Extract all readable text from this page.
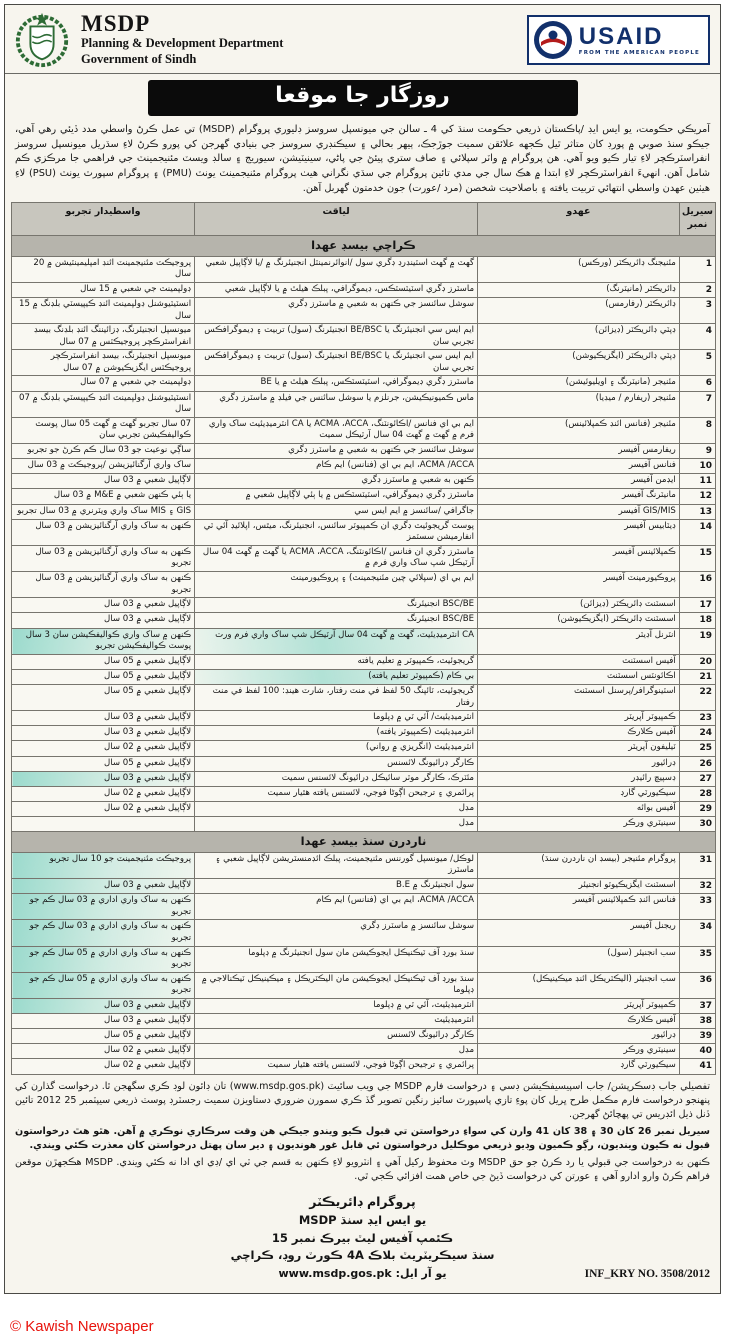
MSDP
Planning & Development Department
Government of Sindh
USAID
FROM THE AMERICAN PEOPLE
روزگار جا موقعا

آمريڪي حڪومت، يو ايس ايڊ /پاڪستان ذريعي حڪومت سنڌ کي 4 ـ سالن جي ميونسپل سروسز ڊليوري پروگرام (MSDP) تي عمل ڪرڻ واسطي مدد ڏيئي رهي آهي، جيڪو سنڌ صوبي ۾ پورڊ کان متاثر ٿيل ڪجهه علائقن سميت جوڙجڪ، ٻيهر بحالي ۽ سيڪنڊري سروسز جي بنيادي گهرجن کي پورو ڪرڻ لاءِ سڌريل ميونسپل سروسز انفراسٽرڪچر لاءِ تيار ڪيو ويو آهي. هن پروگرام ۾ واٽر سپلائي ۽ صاف ستري پيئڻ جي پاڻي، سينيٽيشن، سيوريج ۽ سالڊ ويسٽ مئنيجمينٽ جي فراهمي جا مرڪزي ڪم شامل آهن. انهيءَ انفراسٽرڪچر لاءِ ابتدا ۾ هڪ سال جي مدي تائين پروگرام جي سڌي نگراني هيٺ پروگرام مئنيجمينٽ يونٽ (PMU) ۽ پروگرام سپورٽ يونٽ (PSU) لاءِ هيٺين عهدن واسطي انتهائي تربيت يافته ۽ باصلاحيت شخصن (مرد /عورت) جون خدمتون گهربل آهن.

سيريل نمبر	عهدو	لياقت	واسطيدار تجربو
ڪراچي بيسڊ عهدا			
1	مئنيجنگ ڊائريڪٽر (ورڪس)	گهٽ ۾ گهٽ اسٽينڊرڊ ڊگري سول /انوائرنمينٽل انجنيئرنگ ۾ /يا لاڳاپيل شعبي	پروجيڪٽ مئنيجمينٽ ائنڊ امپليمينٽيشن ۾ 20 سال
2	ڊائريڪٽر (مانيٽرنگ)	ماسٽرز ڊگري اسٽيٽسٽڪس، ڊيموگرافي، پبلڪ هيلٿ ۾ يا لاڳاپيل شعبي	ڊولپمينٽ جي شعبي ۾ 15 سال
3	ڊائريڪٽر (رفارمس)	سوشل سائنسز جي ڪنهن به شعبي ۾ ماسٽرز ڊگري	انسٽيٽيوشنل ڊولپمينٽ ائنڊ ڪيپيسٽي بلڊنگ ۾ 15 سال
4	ڊپٽي ڊائريڪٽر (ڊيزائن)	ايم ايس سي انجنيئرنگ يا BE/BSC انجنيئرنگ (سول) تربيت ۽ ڊيموگرافڪس تجربي سان	ميونسپل انجنيئرنگ، ڊزائيننگ ائنڊ بلڊنگ بيسڊ انفراسٽرڪچر پروجيڪٽس ۾ 07 سال
5	ڊپٽي ڊائريڪٽر (ايگزيڪيوشن)	ايم ايس سي انجنيئرنگ يا BE/BSC انجنيئرنگ (سول) تربيت ۽ ڊيموگرافڪس تجربي سان	ميونسپل انجنيئرنگ، بيسڊ انفراسٽرڪچر پروجيڪٽس ايگزيڪيوشن ۾ 07 سال
6	مئنيجر (مانيٽرنگ ۽ اويليوئيشن)	ماسٽرز ڊگري ڊيموگرافي، اسٽيٽسٽڪس، پبلڪ هيلٿ ۾ يا BE	ڊولپمينٽ جي شعبي ۾ 07 سال
7	مئنيجر (ريفارم / ميڊيا)	ماس ڪميونيڪيشن، جرنلزم يا سوشل سائنس جي فيلڊ ۾ ماسٽرز ڊگري	انسٽيٽيوشنل ڊولپمينٽ ائنڊ ڪيپيسٽي بلڊنگ ۾ 07 سال
8	مئنيجر (فنانس ائنڊ ڪمپلائينس)	ايم بي اي فنانس /اڪائونٽنگ، ACMA ،ACCA يا CA انٽرميڊيئيٽ ساک واري فرم ۾ گهٽ ۾ گهٽ 04 سال آرٽيڪل سميت	07 سال تجربو گهٽ ۾ گهٽ 05 سال پوسٽ ڪواليفڪيشن تجربي سان
9	ريفارمس آفيسر	سوشل سائنسز جي ڪنهن به شعبي ۾ ماسٽرز ڊگري	ساڳي نوعيت جو 03 سال ڪم ڪرڻ جو تجربو
10	فنانس آفيسر	ACMA /ACCA، ايم بي اي (فنانس) ايم ڪام	ساک واري آرگنائيزيشن /پروجيڪٽ ۾ 03 سال
11	ايڊمن آفيسر	ڪنهن به شعبي ۾ ماسٽرز ڊگري	لاڳاپيل شعبي ۾ 03 سال
12	مانيٽرنگ آفيسر	ماسٽرز ڊگري ڊيموگرافي، اسٽيٽسٽڪس ۾ يا ٻئي لاڳاپيل شعبي ۾	يا ٻئي ڪنهن شعبي ۾ M&E ۾ 03 سال
13	GIS/MIS آفيسر	جاگرافي /سائنسز ۾ ايم ايس سي	GIS ۽ MIS ساک واري ويٽرنري ۾ 03 سال تجربو
14	ڊيٽابيس آفيسر	پوسٽ گريجوئيٽ ڊگري ان ڪمپيوٽر سائنس، انجنيئرنگ، ميٿس، اپلائيڊ آئي ٽي انفارميشن سسٽمز	ڪنهن به ساک واري آرگنائيزيشن ۾ 03 سال
15	ڪمپلائينس آفيسر	ماسٽرز ڊگري ان فنانس /اڪائونٽنگ، ACMA ،ACCA يا گهٽ ۾ گهٽ 04 سال آرٽيڪل شپ ساک واري فرم ۾	ڪنهن به ساک واري آرگنائيزيشن ۾ 03 سال تجربو
16	پروڪيورمينٽ آفيسر	ايم بي اي (سپلائي چين مئنيجمينٽ) ۽ پروڪيورمينٽ	ڪنهن به ساک واري آرگنائيزيشن ۾ 03 سال تجربو
17	اسسٽنٽ ڊائريڪٽر (ڊيزائن)	BSC/BE انجنيئرنگ	لاڳاپيل شعبي ۾ 03 سال
18	اسسٽنٽ ڊائريڪٽر (ايگزيڪيوشن)	BSC/BE انجنيئرنگ	لاڳاپيل شعبي ۾ 03 سال
19	انٽرنل آڊيٽر	CA انٽرميڊيئيٽ، گهٽ ۾ گهٽ 04 سال آرٽيڪل شپ ساک واري فرم ورت	ڪنهن ۾ ساک واري ڪواليفڪيشن سان 3 سال پوسٽ ڪواليفڪيشن تجربو
20	آفيس اسسٽنٽ	گريجوئيٽ، ڪمپيوٽر ۾ تعليم يافته	لاڳاپيل شعبي ۾ 05 سال
21	اڪائونٽس اسسٽنٽ	بي ڪام (ڪمپيوٽر تعليم يافته)	لاڳاپيل شعبي ۾ 05 سال
22	اسٽينوگرافر/پرسنل اسسٽنٽ	گريجوئيٽ، ٽائپنگ 50 لفظ في منٽ رفتار، شارٽ هينڊ: 100 لفظ في منٽ رفتار	لاڳاپيل شعبي ۾ 05 سال
23	ڪمپيوٽر آپريٽر	انٽرميڊيئيٽ/ آئي ٽي ۾ ڊپلوما	لاڳاپيل شعبي ۾ 03 سال
24	آفيس ڪلارڪ	انٽرميڊيئيٽ (ڪمپيوٽر يافته)	لاڳاپيل شعبي ۾ 03 سال
25	ٽيليفون آپريٽر	انٽرميڊيئيٽ (انگريزي ۾ رواني)	لاڳاپيل شعبي ۾ 02 سال
26	ڊرائيور	ڪارگر ڊرائيونگ لائسنس	لاڳاپيل شعبي ۾ 05 سال
27	ڊسپيچ رائيڊر	مئٽرڪ، ڪارگر موٽر سائيڪل ڊرائيونگ لائسنس سميت	لاڳاپيل شعبي ۾ 03 سال
28	سيڪيورٽي گارڊ	پرائمري ۽ ترجيحن اڳوڻا فوجي، لائسنس يافته هٿيار سميت	لاڳاپيل شعبي ۾ 02 سال
29	آفيس بوائه	مڊل	لاڳاپيل شعبي ۾ 02 سال
30	سينيٽري ورڪر	مڊل	
ناردرن سنڌ بيسڊ عهدا			
31	پروگرام مئنيجر (بيسڊ ان ناردرن سنڌ)	لوڪل/ ميونسپل گورننس مئنيجمينٽ، پبلڪ ائڊمنسٽريشن لاڳاپيل شعبي ۽ ماسٽرز	پروجيڪٽ مئنيجمينٽ جو 10 سال تجربو
32	اسسٽنٽ ايگزيڪيوٽو انجنيئر	سول انجنيئرنگ ۾ B.E	لاڳاپيل شعبي ۾ 03 سال
33	فنانس ائنڊ ڪمپلائينس آفيسر	ACMA /ACCA، ايم بي اي (فنانس) ايم ڪام	ڪنهن به ساک واري اداري ۾ 03 سال ڪم جو تجربو
34	ريجنل آفيسر	سوشل سائنسز ۾ ماسٽرز ڊگري	ڪنهن به ساک واري اداري ۾ 03 سال ڪم جو تجربو
35	سب انجنيئر (سول)	سنڌ بورڊ آف ٽيڪنيڪل ايجوڪيشن مان سول انجنيئرنگ ۾ ڊپلوما	ڪنهن به ساک واري اداري ۾ 05 سال ڪم جو تجربو
36	سب انجنيئر (اليڪٽريڪل ائنڊ ميڪينيڪل)	سنڌ بورڊ آف ٽيڪنيڪل ايجوڪيشن مان اليڪٽريڪل ۽ ميڪينيڪل ٽيڪنالاجي ۾ ڊپلوما	ڪنهن به ساک واري اداري ۾ 05 سال ڪم جو تجربو
37	ڪمپيوٽر آپريٽر	انٽرميڊيئيٽ، آئي ٽي ۾ ڊپلوما	لاڳاپيل شعبي ۾ 03 سال
38	آفيس ڪلارڪ	انٽرميڊيئيٽ	لاڳاپيل شعبي ۾ 03 سال
39	ڊرائيور	ڪارگر ڊرائيونگ لائسنس	لاڳاپيل شعبي ۾ 05 سال
40	سينيٽري ورڪر	مڊل	لاڳاپيل شعبي ۾ 02 سال
41	سيڪيورٽي گارڊ	پرائمري ۽ ترجيحن اڳوڻا فوجي، لائسنس يافته هٿيار سميت	لاڳاپيل شعبي ۾ 02 سال

تفصيلي جاب ڊسڪرپشن/ جاب اسپيسيفڪيشن ڊسي ۽ درخواست فارم MSDP جي ويب سائيٽ (www.msdp.gos.pk) تان ڊائون لوڊ ڪري سگهجن ٿا. درخواست گذارن کي پنهنجو درخواست فارم مڪمل طرح ڀريل کان پوءِ تازي پاسپورٽ سائيز رنگين تصوير گڏ ڪري سمورن ضروري دستاويزن سميت رجسٽرڊ پوسٽ ذريعي سيپٽمبر 25 2012 تائين ڏنل ذيل ائڊريس تي پهچائڻ گهرجن.

سيريل نمبر 26 کان 30 ۽ 38 کان 41 وارن کي سواءِ درخواستن تي قبول ڪيو ويندو جيڪي هن وقت سرڪاري نوڪري ۾ آهن. هٿو هٿ درخواستون قبول نه ڪيون وينديون، رڳو ڪميون وڊيو ذريعي موڪليل درخواستون ئي قابل غور هونديون ۽ دير سان پهتل درخواستن کان معذرت ڪئي ويندي.

ڪنهن به درخواست جي قبولي يا رد ڪرڻ جو حق MSDP وٽ محفوظ رکيل آهي ۽ انٽرويو لاءِ ڪنهن به قسم جي ٽي اي /ڊي اي ادا نه ڪئي ويندي. MSDP هڪجهڙن موقعن فراهم ڪرڻ وارو ادارو آهي ۽ عورتن کي درخواست ڏيڻ جي خاص همت افزائي ڪجي ٿي.

پروگرام ڊائريڪٽر
يو ايس ايڊ سنڌ MSDP
ڪئمپ آفيس ليٽ بيرڪ نمبر 15
سنڌ سيڪريٽريٽ بلاڪ 4A ڪورٽ روڊ، ڪراچي
يو آر ايل: www.msdp.gos.pk	INF_KRY NO. 3508/2012
© Kawish Newspaper
